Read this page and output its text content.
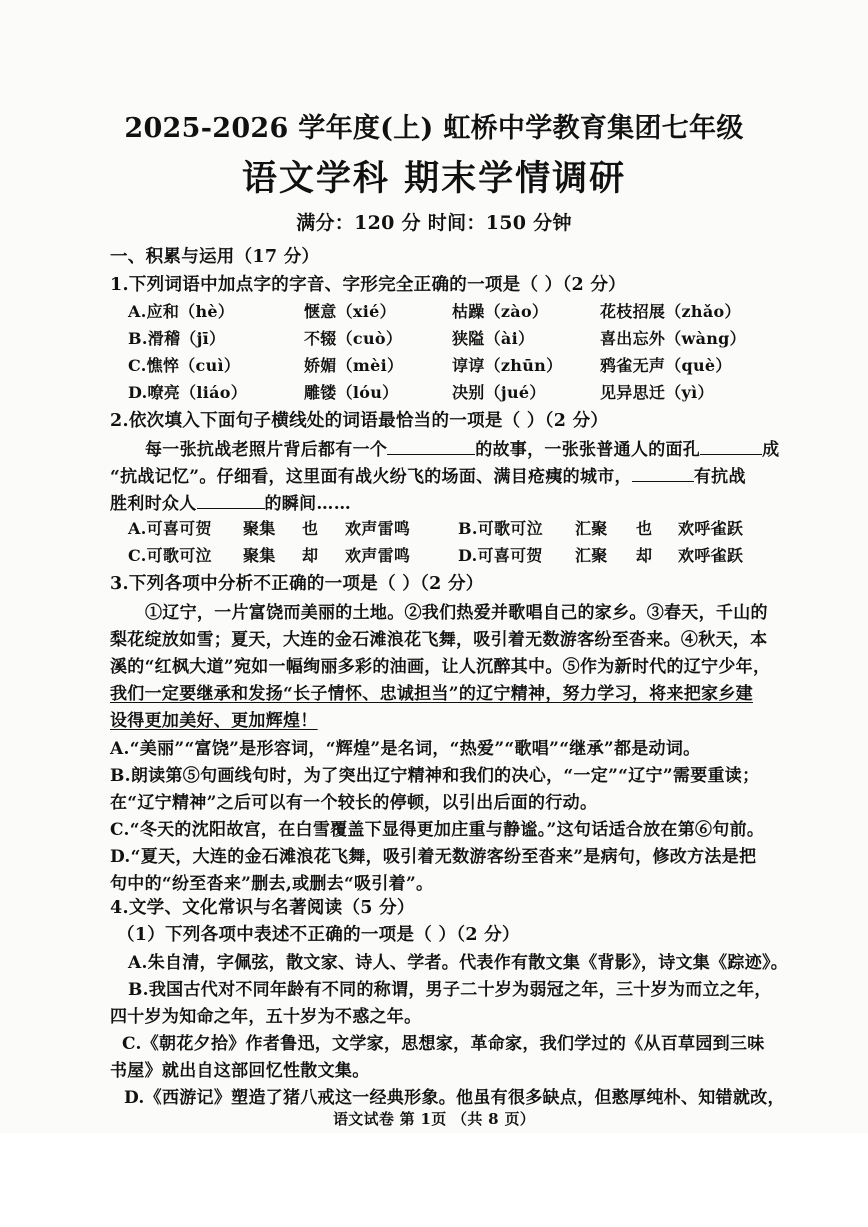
2025-2026 学年度(上) 虹桥中学教育集团七年级
语文学科 期末学情调研
满分：120 分 时间：150 分钟
一、积累与运用（17 分）
1.下列词语中加点字的字音、字形完全正确的一项是（ ）（2 分）
A.应和（hè）	惬意（xié）	枯躁（zào）	花枝招展（zhǎo）
B.滑稽（jī）	不辍（cuò）	狭隘（ài）	喜出忘外（wàng）
C.憔悴（cuì）	娇媚（mèi）	谆谆（zhūn） 鸦雀无声（què）
D.嘹亮（liáo）	雕镂（lóu）	决别（jué）	见异思迁（yì）
2.依次填入下面句子横线处的词语最恰当的一项是（ ）（2 分）
每一张抗战老照片背后都有一个	的故事，一张张普通人的面孔	成
“抗战记忆”。仔细看，这里面有战火纷飞的场面、满目疮痍的城市，	有抗战
胜利时众人	的瞬间……
A.可喜可贺 聚集 也 欢声雷鸣	B.可歌可泣 汇聚 也 欢呼雀跃
C.可歌可泣 聚集 却 欢声雷鸣	D.可喜可贺 汇聚 却 欢呼雀跃
3.下列各项中分析不正确的一项是（ ）（2 分）
①辽宁，一片富饶而美丽的土地。②我们热爱并歌唱自己的家乡。③春天，千山的
梨花绽放如雪；夏天，大连的金石滩浪花飞舞，吸引着无数游客纷至沓来。④秋天，本
溪的“红枫大道”宛如一幅绚丽多彩的油画，让人沉醉其中。⑤作为新时代的辽宁少年，
我们一定要继承和发扬“长子情怀、忠诚担当”的辽宁精神，努力学习，将来把家乡建
设得更加美好、更加辉煌！
A.“美丽”“富饶”是形容词，“辉煌”是名词，“热爱”“歌唱”“继承”都是动词。
B.朗读第⑤句画线句时，为了突出辽宁精神和我们的决心，“一定”“辽宁”需要重读；
在“辽宁精神”之后可以有一个较长的停顿，以引出后面的行动。
C.“冬天的沈阳故宫，在白雪覆盖下显得更加庄重与静谧。”这句话适合放在第⑥句前。
D.“夏天，大连的金石滩浪花飞舞，吸引着无数游客纷至沓来”是病句，修改方法是把
句中的“纷至沓来”删去,或删去“吸引着”。
4.文学、文化常识与名著阅读（5 分）
（1）下列各项中表述不正确的一项是（ ）（2 分）
A.朱自清，字佩弦，散文家、诗人、学者。代表作有散文集《背影》，诗文集《踪迹》。
B.我国古代对不同年龄有不同的称谓，男子二十岁为弱冠之年，三十岁为而立之年，
四十岁为知命之年，五十岁为不惑之年。
C.《朝花夕拾》作者鲁迅，文学家，思想家，革命家，我们学过的《从百草园到三味
书屋》就出自这部回忆性散文集。
D.《西游记》塑造了猪八戒这一经典形象。他虽有很多缺点，但憨厚纯朴、知错就改，
语文试卷 第 1页 （共 8 页）
